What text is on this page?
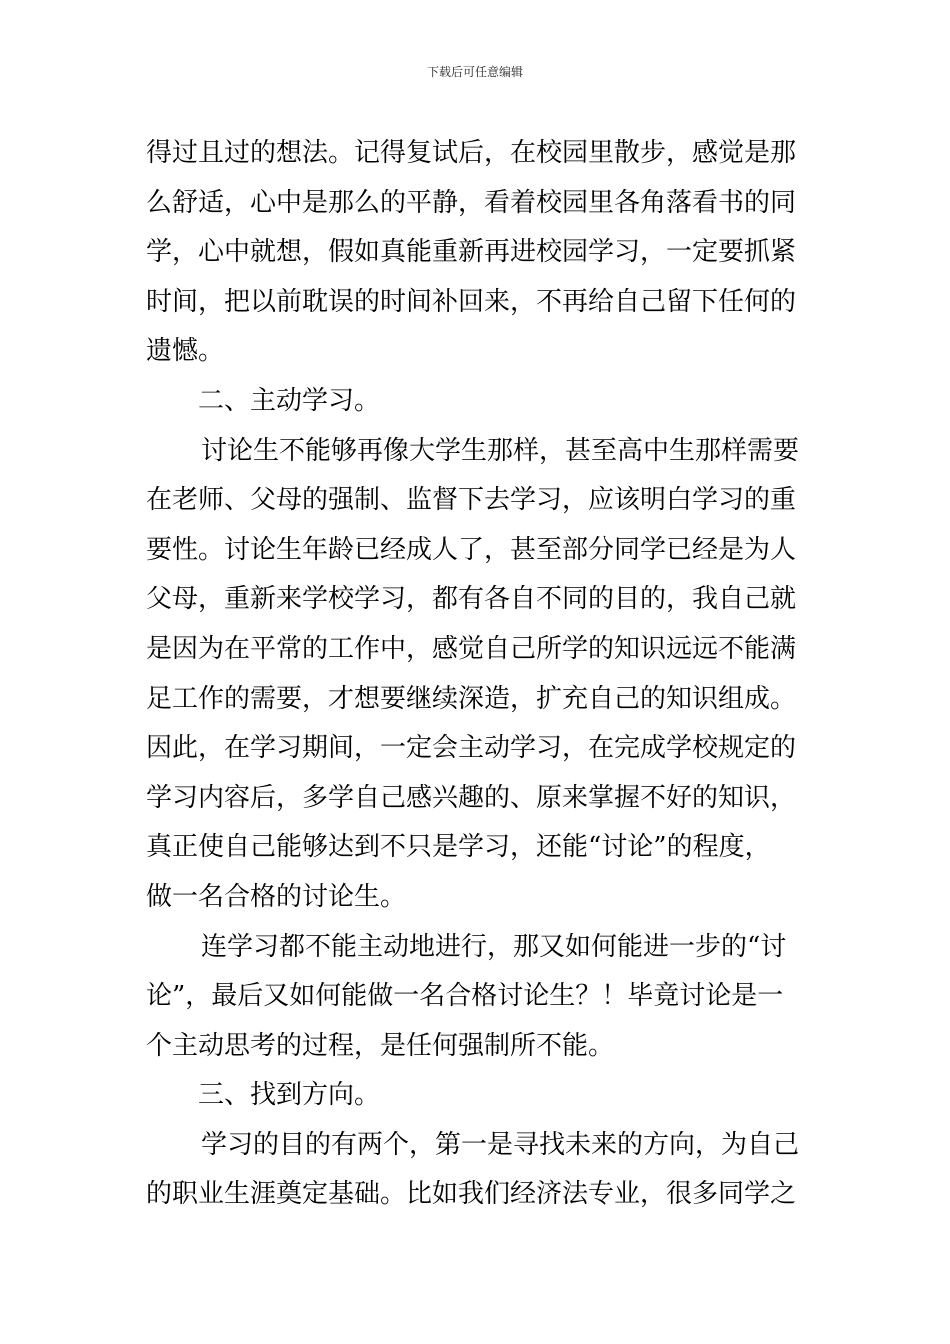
下载后可任意编辑
得过且过的想法。记得复试后，在校园里散步，感觉是那
么舒适，心中是那么的平静，看着校园里各角落看书的同
学，心中就想，假如真能重新再进校园学习，一定要抓紧
时间，把以前耽误的时间补回来，不再给自己留下任何的
遗憾。
二、主动学习。
讨论生不能够再像大学生那样，甚至高中生那样需要
在老师、父母的强制、监督下去学习，应该明白学习的重
要性。讨论生年龄已经成人了，甚至部分同学已经是为人
父母，重新来学校学习，都有各自不同的目的，我自己就
是因为在平常的工作中，感觉自己所学的知识远远不能满
足工作的需要，才想要继续深造，扩充自己的知识组成。
因此，在学习期间，一定会主动学习，在完成学校规定的
学习内容后，多学自己感兴趣的、原来掌握不好的知识，
真正使自己能够达到不只是学习，还能“讨论”的程度，
做一名合格的讨论生。
连学习都不能主动地进行，那又如何能进一步的“讨
论”，最后又如何能做一名合格讨论生？！毕竟讨论是一
个主动思考的过程，是任何强制所不能。
三、找到方向。
学习的目的有两个，第一是寻找未来的方向，为自己
的职业生涯奠定基础。比如我们经济法专业，很多同学之
